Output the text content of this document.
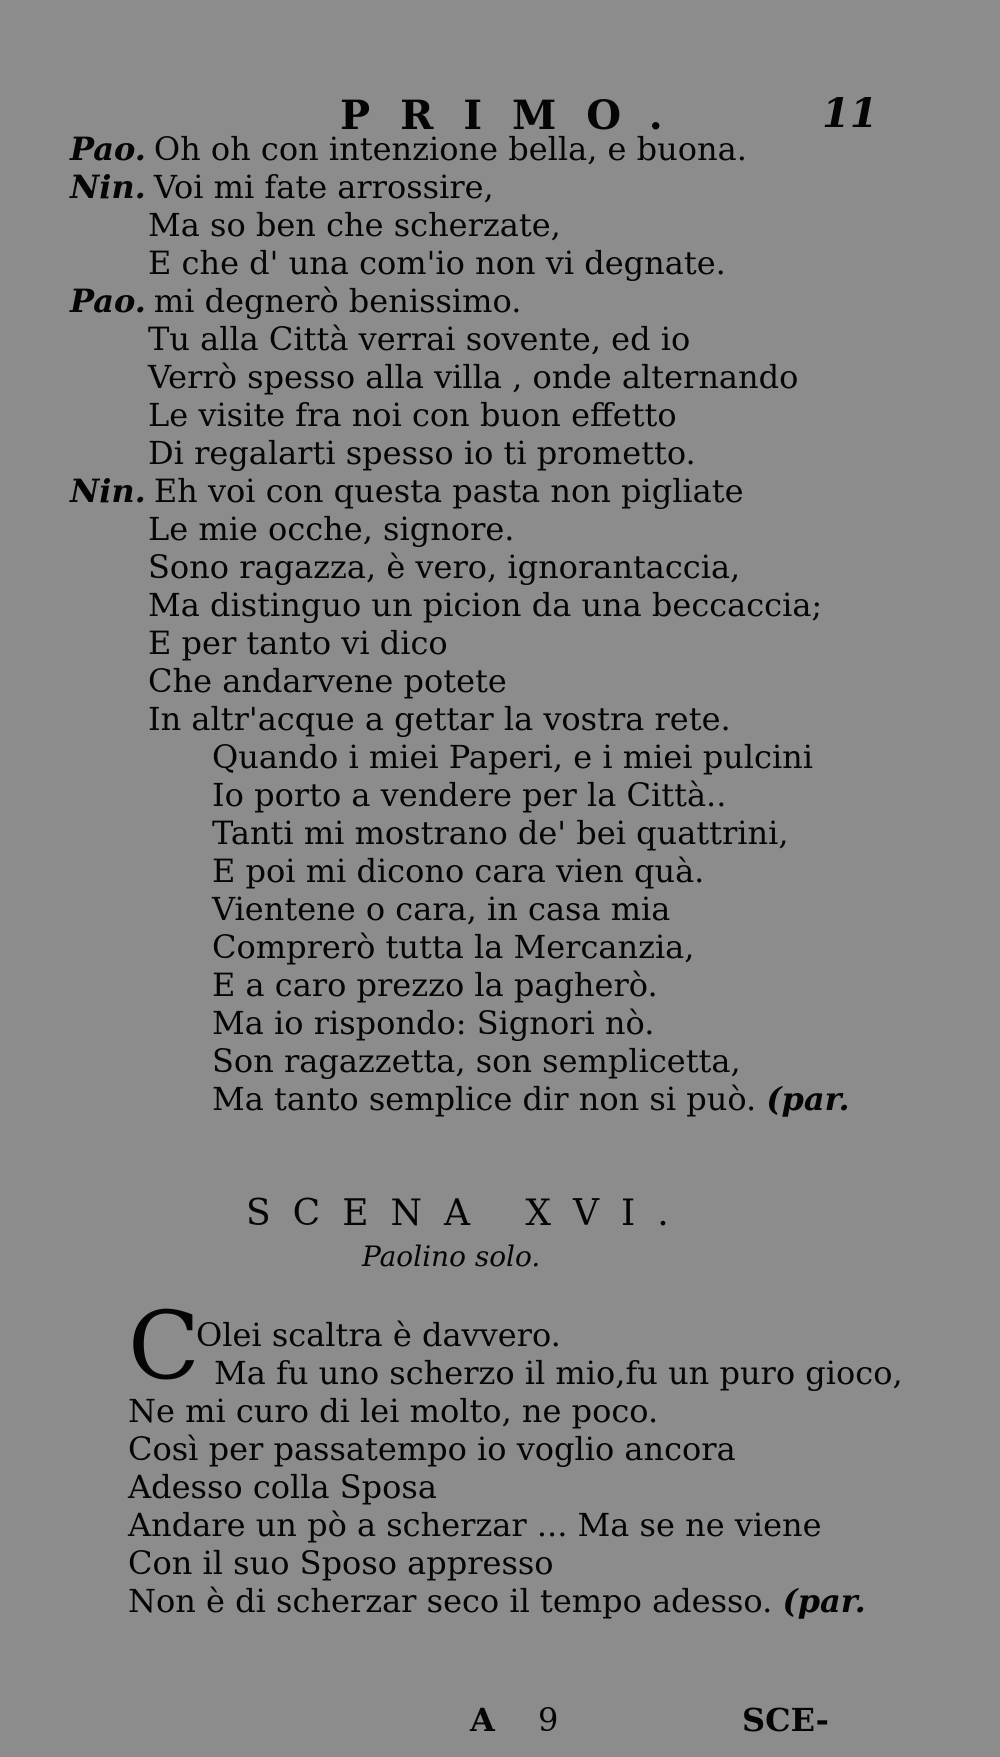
PRIMO.	11
Pao. Oh oh con intenzione bella, e buona.
Nin. Voi mi fate arrossire,
Ma so ben che scherzate,
E che d' una com'io non vi degnate.
Pao. mi degnerò benissimo.
Tu alla Città verrai sovente, ed io
Verrò spesso alla villa , onde alternando
Le visite fra noi con buon effetto
Di regalarti spesso io ti prometto.
Nin. Eh voi con questa pasta non pigliate
Le mie ocche, signore.
Sono ragazza, è vero, ignorantaccia,
Ma distinguo un picion da una beccaccia;
E per tanto vi dico
Che andarvene potete
In altr'acque a gettar la vostra rete.
Quando i miei Paperi, e i miei pulcini
Io porto a vendere per la Città..
Tanti mi mostrano de' bei quattrini,
E poi mi dicono cara vien quà.
Vientene o cara, in casa mia
Comprerò tutta la Mercanzia,
E a caro prezzo la pagherò.
Ma io rispondo: Signori nò.
Son ragazzetta, son semplicetta,
Ma tanto semplice dir non si può. (par.
SCENA XVI.
Paolino solo.
C
Olei scaltra è davvero.
Ma fu uno scherzo il mio,fu un puro gioco,
Ne mi curo di lei molto, ne poco.
Così per passatempo io voglio ancora
Adesso colla Sposa
Andare un pò a scherzar ... Ma se ne viene
Con il suo Sposo appresso
Non è di scherzar seco il tempo adesso. (par.
A 9	SCE-
